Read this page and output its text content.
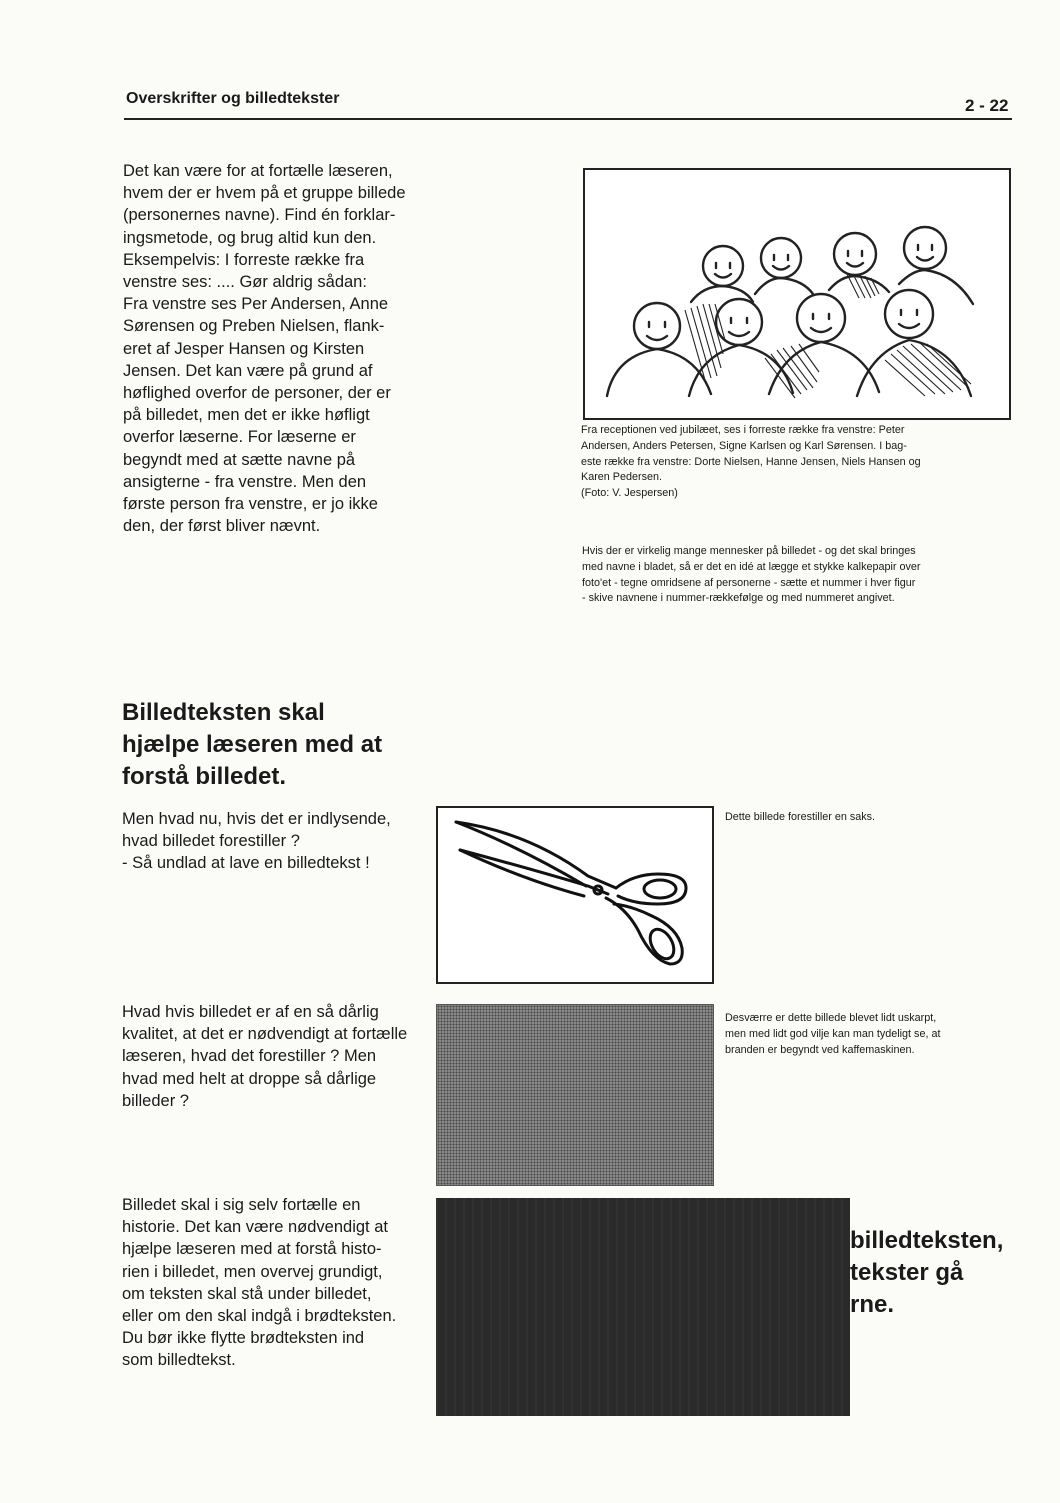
Overskrifter og billedtekster	2 - 22
Det kan være for at fortælle læseren,
hvem der er hvem på et gruppe billede
(personernes navne). Find én forklar-
ingsmetode, og brug altid kun den.
Eksempelvis: I forreste række fra
venstre ses: .... Gør aldrig sådan:
Fra venstre ses Per Andersen, Anne
Sørensen og Preben Nielsen, flank-
eret af Jesper Hansen og Kirsten
Jensen. Det kan være på grund af
høflighed overfor de personer, der er
på billedet, men det er ikke høfligt
overfor læserne. For læserne er
begyndt med at sætte navne på
ansigterne - fra venstre. Men den
første person fra venstre, er jo ikke
den, der først bliver nævnt.
Fra receptionen ved jubilæet, ses i forreste række fra venstre: Peter
Andersen, Anders Petersen, Signe Karlsen og Karl Sørensen. I bag-
este række fra venstre: Dorte Nielsen, Hanne Jensen, Niels Hansen og
Karen Pedersen.
(Foto: V. Jespersen)
Hvis der er virkelig mange mennesker på billedet - og det skal bringes
med navne i bladet, så er det en idé at lægge et stykke kalkepapir over
foto'et - tegne omridsene af personerne - sætte et nummer i hver figur
- skive navnene i nummer-rækkefølge og med nummeret angivet.
Billedteksten skal
hjælpe læseren med at
forstå billedet.
Men hvad nu, hvis det er indlysende,
hvad billedet forestiller ?
- Så undlad at lave en billedtekst !
Dette billede forestiller en saks.
Hvad hvis billedet er af en så dårlig
kvalitet, at det er nødvendigt at fortælle
læseren, hvad det forestiller ? Men
hvad med helt at droppe så dårlige
billeder ?
Desværre er dette billede blevet lidt uskarpt,
men med lidt god vilje kan man tydeligt se, at
branden er begyndt ved kaffemaskinen.
Billedet skal i sig selv fortælle en
historie. Det kan være nødvendigt at
hjælpe læseren med at forstå histo-
rien i billedet, men overvej grundigt,
om teksten skal stå under billedet,
eller om den skal indgå i brødteksten.
Du bør ikke flytte brødteksten ind
som billedtekst.
billedteksten,
tekster gå
rne.
